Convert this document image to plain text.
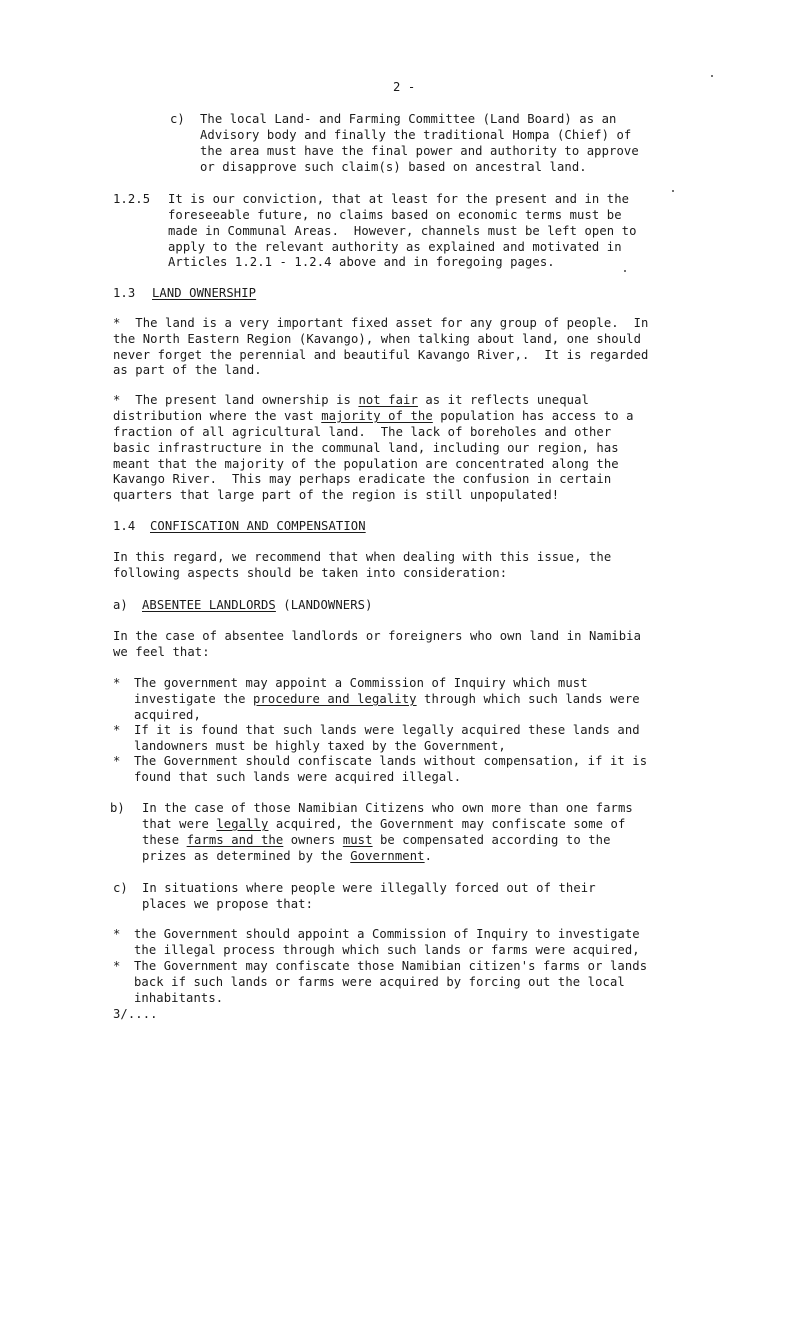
2 -
c) The local Land- and Farming Committee (Land Board) as an
Advisory body and finally the traditional Hompa (Chief) of
the area must have the final power and authority to approve
or disapprove such claim(s) based on ancestral land.
1.2.5 It is our conviction, that at least for the present and in the
foreseeable future, no claims based on economic terms must be
made in Communal Areas.  However, channels must be left open to
apply to the relevant authority as explained and motivated in
Articles 1.2.1 - 1.2.4 above and in foregoing pages.
1.3 LAND OWNERSHIP
*  The land is a very important fixed asset for any group of people.  In
the North Eastern Region (Kavango), when talking about land, one should
never forget the perennial and beautiful Kavango River,.  It is regarded
as part of the land.
*  The present land ownership is not fair as it reflects unequal
distribution where the vast majority of the population has access to a
fraction of all agricultural land.  The lack of boreholes and other
basic infrastructure in the communal land, including our region, has
meant that the majority of the population are concentrated along the
Kavango River.  This may perhaps eradicate the confusion in certain
quarters that large part of the region is still unpopulated!
1.4 CONFISCATION AND COMPENSATION
In this regard, we recommend that when dealing with this issue, the
following aspects should be taken into consideration:
a) ABSENTEE LANDLORDS (LANDOWNERS)
In the case of absentee landlords or foreigners who own land in Namibia
we feel that:
* The government may appoint a Commission of Inquiry which must
investigate the procedure and legality through which such lands were
acquired,
* If it is found that such lands were legally acquired these lands and
landowners must be highly taxed by the Government,
* The Government should confiscate lands without compensation, if it is
found that such lands were acquired illegal.
b) In the case of those Namibian Citizens who own more than one farms
that were legally acquired, the Government may confiscate some of
these farms and the owners must be compensated according to the
prizes as determined by the Government.
c) In situations where people were illegally forced out of their
places we propose that:
* the Government should appoint a Commission of Inquiry to investigate
the illegal process through which such lands or farms were acquired,
* The Government may confiscate those Namibian citizen's farms or lands
back if such lands or farms were acquired by forcing out the local
inhabitants.
3/....
